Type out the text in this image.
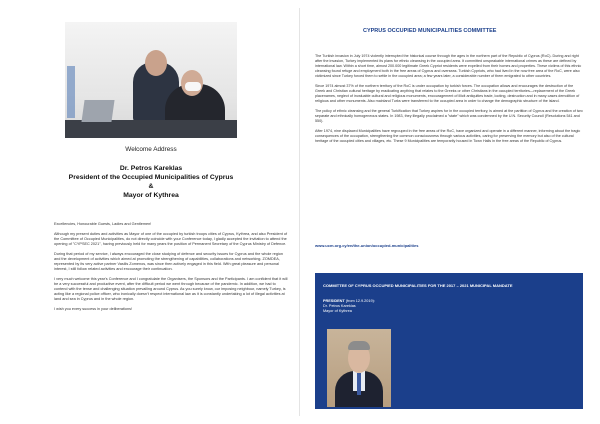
Welcome Address
Dr. Petros Kareklas
President of the Occupied Municipalities of Cyprus
&
Mayor of Kythrea

Excellencies, Honourable Guests, Ladies and Gentlemen!

Although my present duties and activities as Mayor of one of the occupied by turkish troops cities of Cyprus, Kythrea, and also President of the Committee of Occupied Municipalities, do not directly coincide with your Conference today, I gladly accepted the invitation to attend the opening of "CYPSEC 2021", having previously held for many years the position of Permanent Secretary of the Cyprus Ministry of Defence.

During that period of my service, I always encouraged the close studying of defence and security issues for Cyprus and the whole region and the development of activities which aimed at promoting the strengthening of capabilities, collaborations and networking. ZOMDEA, represented by its very active partner Vasilis Zomenos, was since then actively engaged in this field. With great pleasure and personal interest, I still follow related activities and encourage their continuation.

I very much welcome this year's Conference and I congratulate the Organisers, the Sponsors and the Participants. I am confident that it will be a very successful and productive event, after the difficult period we went through because of the pandemic. In addition, we had to contend with the tense and challenging situation prevailing around Cyprus. As you surely know, our imposing neighbour, namely Turkey, is acting like a regional police officer, who ironically doesn't respect international law as it is constantly undertaking a lot of illegal activities at land and sea in Cyprus and in the whole region.

I wish you every success in your deliberations!

CYPRUS OCCUPIED MUNICIPALITIES COMMITTEE

The Turkish invasion in July 1974 violently interrupted the historical course through the ages in the northern part of the Republic of Cyprus (RoC). During and right after the invasion, Turkey implemented its plans for ethnic cleansing in the occupied area. It committed unspeakable international crimes as these are defined by international law. Within a short time, almost 200.000 legitimate Greek Cypriot residents were expelled from their homes and properties. These victims of this ethnic cleansing found refuge and employment both in the free areas of Cyprus and overseas. Turkish Cypriots, who had lived in the now free area of the RoC, were also victimized since Turkey forced them to settle in the occupied area; a few years later, a considerable number of them emigrated to other countries.

Since 1974 almost 37% of the northern territory of the RoC is under occupation by turkish forces. The occupation allows and encourages the destruction of the Greek and Christian cultural heritage by eradicating anything that relates to the Greeks or other Christians in the occupied territories—replacement of the Greek placenames, neglect of invaluable cultural and religious monuments, encouragement of illicit antiquities trade, looting, destruction and in many cases demolition of religious and other monuments. Also mainland Turks were transferred to the occupied area in order to change the demographic structure of the island.

The policy of ethnic cleansing and the general Turkification that Turkey aspires for in the occupied territory, is aimed at the partition of Cyprus and the creation of two separate and ethnically homogeneous states. In 1983, they illegally proclaimed a "state" which was condemned by the U.N. Security Council (Resolutions 541 and 550).

After 1974, nine displaced Municipalities have regrouped in the free areas of the RoC, have organized and operate in a different manner, informing about the tragic consequences of the occupation, strengthening the common consciousness through various activities, caring for preserving the memory but also of the cultural heritage of the occupied cities and villages, etc. These 9 Municipalities are temporarily housed in Town Halls in the free areas of the Republic of Cyprus.

www.ucm.org.cy/en/the-union/occupied-municipalities
COMMITTEE OF CYPRUS OCCUPIED MUNICIPALITIES FOR THE 2017 – 2021 MUNICIPAL MANDATE
PRESIDENT (from 12.9.2019):
Dr. Petros Kareklas
Mayor of Kythrea
